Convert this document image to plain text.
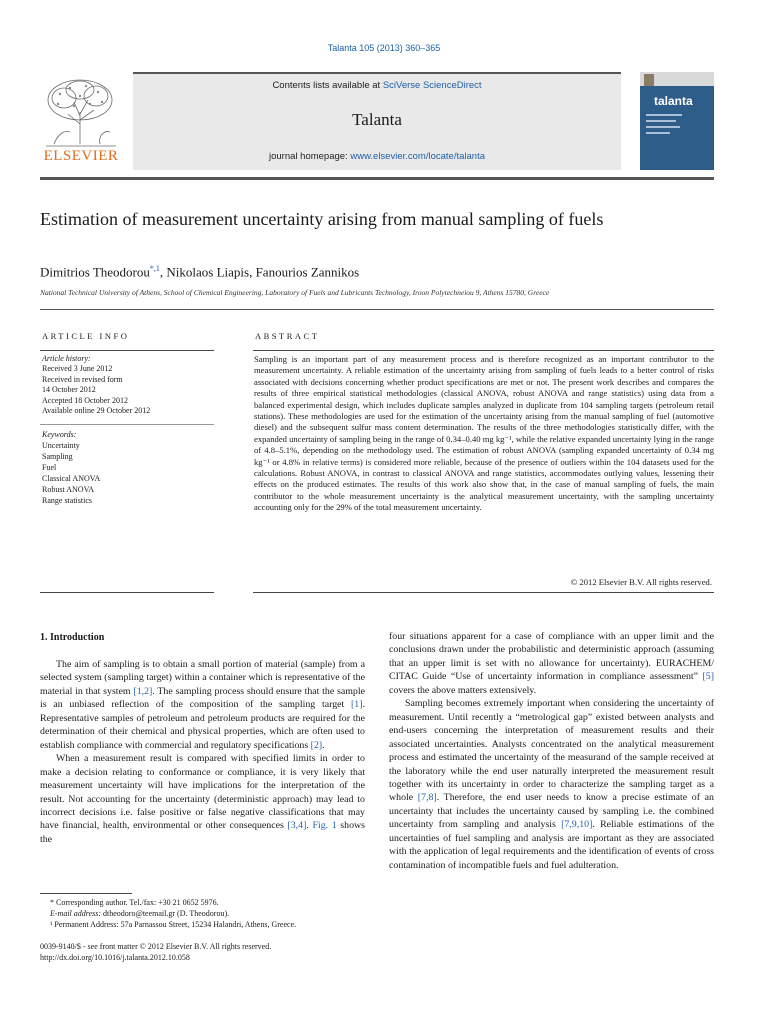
Talanta 105 (2013) 360–365
ELSEVIER
Contents lists available at SciVerse ScienceDirect
Talanta
journal homepage: www.elsevier.com/locate/talanta
talanta
Estimation of measurement uncertainty arising from manual sampling of fuels
Dimitrios Theodorou$^{*,1}$, Nikolaos Liapis, Fanourios Zannikos
National Technical University of Athens, School of Chemical Engineering, Laboratory of Fuels and Lubricants Technology, Iroon Polytechneiou 9, Athens 15780, Greece
ARTICLE INFO	ABSTRACT
Article history:
Received 3 June 2012
Received in revised form
14 October 2012
Accepted 18 October 2012
Available online 29 October 2012
Keywords:
Uncertainty
Sampling
Fuel
Classical ANOVA
Robust ANOVA
Range statistics
Sampling is an important part of any measurement process and is therefore recognized as an important contributor to the measurement uncertainty. A reliable estimation of the uncertainty arising from sampling of fuels leads to a better control of risks associated with decisions concerning whether product specifications are met or not. The present work describes and compares the results of three empirical statistical methodologies (classical ANOVA, robust ANOVA and range statistics) using data from a balanced experimental design, which includes duplicate samples analyzed in duplicate from 104 sampling targets (petroleum retail stations). These methodologies are used for the estimation of the uncertainty arising from the manual sampling of fuel (automotive diesel) and the subsequent sulfur mass content determination. The results of the three methodologies statistically differ, with the expanded uncertainty of sampling being in the range of 0.34–0.40 mg kg⁻¹, while the relative expanded uncertainty lying in the range of 4.8–5.1%, depending on the methodology used. The estimation of robust ANOVA (sampling expanded uncertainty of 0.34 mg kg⁻¹ or 4.8% in relative terms) is considered more reliable, because of the presence of outliers within the 104 datasets used for the calculations. Robust ANOVA, in contrast to classical ANOVA and range statistics, accommodates outlying values, lessening their effects on the produced estimates. The results of this work also show that, in the case of manual sampling of fuels, the main contributor to the whole measurement uncertainty is the analytical measurement uncertainty, with the sampling uncertainty accounting only for the 29% of the total measurement uncertainty.
© 2012 Elsevier B.V. All rights reserved.
1. Introduction

The aim of sampling is to obtain a small portion of material (sample) from a selected system (sampling target) within a container which is representative of the material in that system [1,2]. The sampling process should ensure that the sample is an unbiased reflection of the composition of the sampling target [1]. Representative samples of petroleum and petroleum products are required for the determination of their chemical and physical properties, which are often used to establish compliance with commercial and regulatory specifications [2].

When a measurement result is compared with specified limits in order to make a decision relating to conformance or compliance, it is very likely that measurement uncertainty will have implications for the interpretation of the result. Not accounting for the uncertainty (deterministic approach) may lead to incorrect decisions i.e. false positive or false negative classifications that may have financial, health, environmental or other consequences [3,4]. Fig. 1 shows the

four situations apparent for a case of compliance with an upper limit and the conclusions drawn under the probabilistic and deterministic approach (assuming that an upper limit is set with no allowance for uncertainty). EURACHEM/ CITAC Guide “Use of uncertainty information in compliance assessment” [5] covers the above matters extensively.

Sampling becomes extremely important when considering the uncertainty of measurement. Until recently a “metrological gap” existed between analysts and end-users concerning the interpretation of measurement results and their associated uncertainties. Analysts concentrated on the analytical measurement process and estimated the uncertainty of the measurand of the sample received at the laboratory while the end user naturally interpreted the measurement result together with its uncertainty in order to characterize the sampling target as a whole [7,8]. Therefore, the end user needs to know a precise estimate of an uncertainty that includes the uncertainty caused by sampling i.e. the combined uncertainty from sampling and analysis [7,9,10]. Reliable estimations of the uncertainties of fuel sampling and analysis are important as they are associated with the application of legal requirements and the identification of events of cross contamination of incompatible fuels and fuel adulteration.

* Corresponding author. Tel./fax: +30 21 0652 5976.
E-mail address: dtheodoro@teemail.gr (D. Theodorou).
¹ Permanent Address: 57a Parnassou Street, 15234 Halandri, Athens, Greece.
0039-9140/$ - see front matter © 2012 Elsevier B.V. All rights reserved.
http://dx.doi.org/10.1016/j.talanta.2012.10.058
